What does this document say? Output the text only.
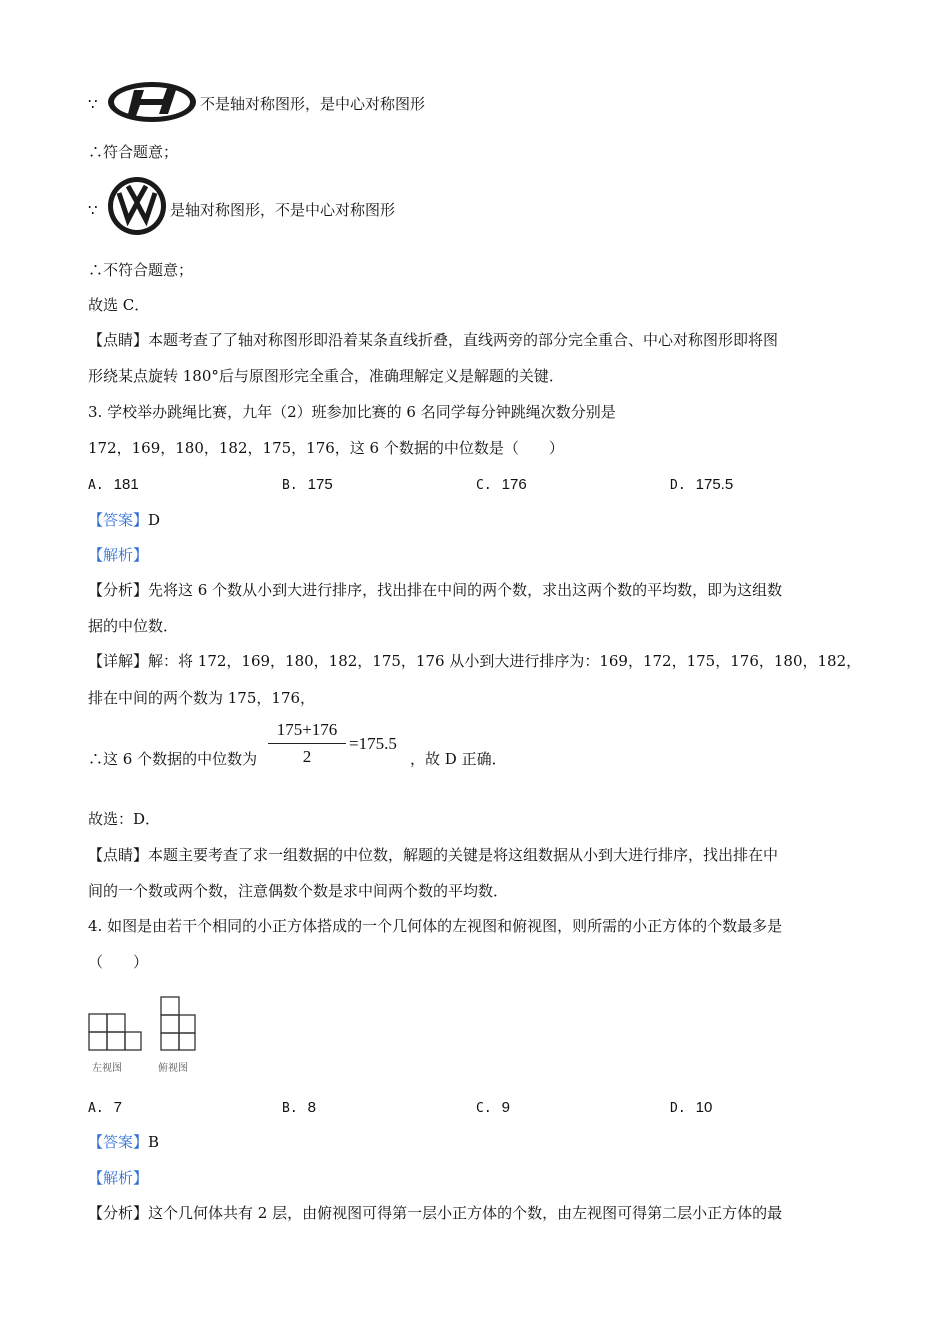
∵	不是轴对称图形，是中心对称图形
∴符合题意；
∵	是轴对称图形，不是中心对称图形
∴不符合题意；
故选 C．
【点睛】本题考查了了轴对称图形即沿着某条直线折叠，直线两旁的部分完全重合、中心对称图形即将图
形绕某点旋转 180°后与原图形完全重合，准确理解定义是解题的关键．
3. 学校举办跳绳比赛，九年（2）班参加比赛的 6 名同学每分钟跳绳次数分别是
172，169，180，182，175，176，这 6 个数据的中位数是（　　）
A. 181	B. 175	C. 176	D. 175.5
【答案】D
【解析】
【分析】先将这 6 个数从小到大进行排序，找出排在中间的两个数，求出这两个数的平均数，即为这组数
据的中位数．
【详解】解：将 172，169，180，182，175，176 从小到大进行排序为：169，172，175，176，180，182，
排在中间的两个数为 175，176，
∴这 6 个数据的中位数为
175+176
2
=175.5
，故 D 正确．
故选：D．
【点睛】本题主要考查了求一组数据的中位数，解题的关键是将这组数据从小到大进行排序，找出排在中
间的一个数或两个数，注意偶数个数是求中间两个数的平均数．
4. 如图是由若干个相同的小正方体搭成的一个几何体的左视图和俯视图，则所需的小正方体的个数最多是
（　　）
左视图	俯视图
A. 7	B. 8	C. 9	D. 10
【答案】B
【解析】
【分析】这个几何体共有 2 层，由俯视图可得第一层小正方体的个数，由左视图可得第二层小正方体的最
